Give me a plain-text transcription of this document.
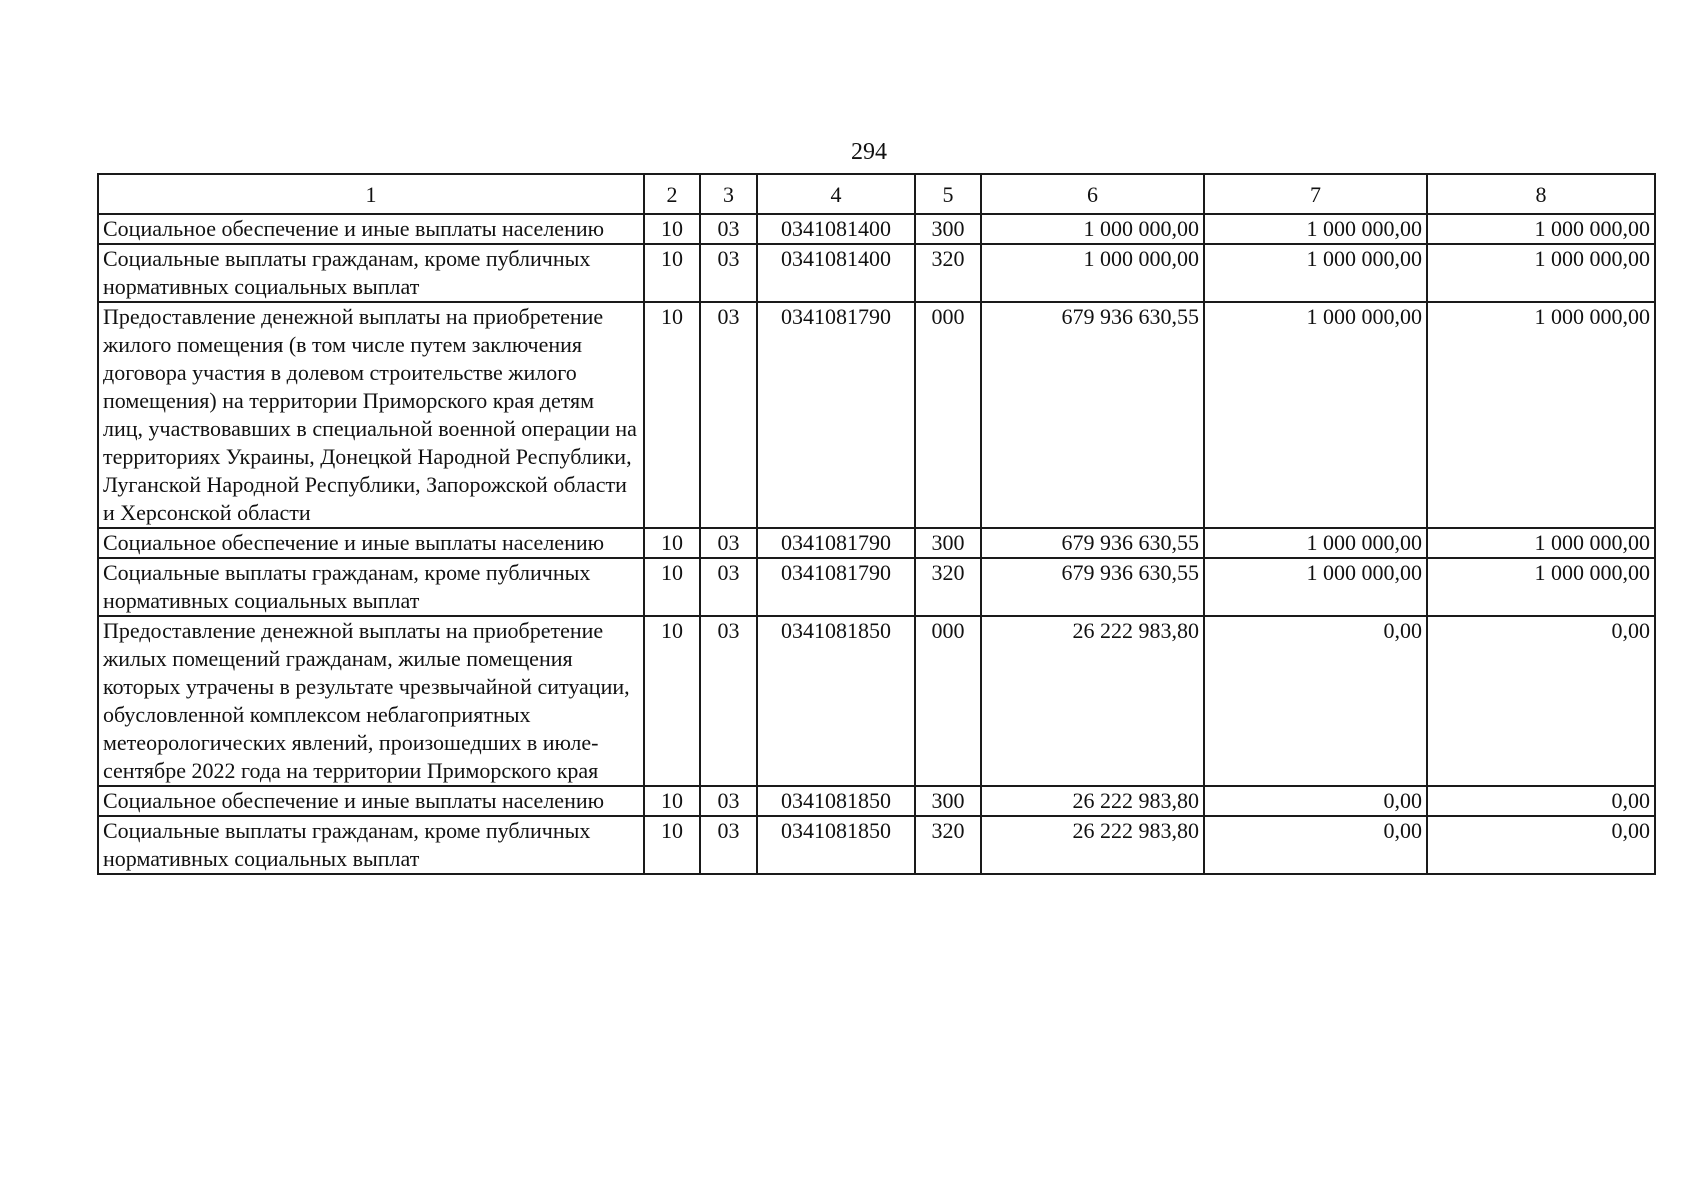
294
1	2	3	4	5	6	7	8
Социальное обеспечение и иные выплаты населению	10	03	0341081400	300	1 000 000,00	1 000 000,00	1 000 000,00
Социальные выплаты гражданам, кроме публичных нормативных социальных выплат	10	03	0341081400	320	1 000 000,00	1 000 000,00	1 000 000,00
Предоставление денежной выплаты на приобретение жилого помещения (в том числе путем заключения договора участия в долевом строительстве жилого помещения) на территории Приморского края детям лиц, участвовавших в специальной военной операции на территориях Украины, Донецкой Народной Республики, Луганской Народной Республики, Запорожской области и Херсонской области	10	03	0341081790	000	679 936 630,55	1 000 000,00	1 000 000,00
Социальное обеспечение и иные выплаты населению	10	03	0341081790	300	679 936 630,55	1 000 000,00	1 000 000,00
Социальные выплаты гражданам, кроме публичных нормативных социальных выплат	10	03	0341081790	320	679 936 630,55	1 000 000,00	1 000 000,00
Предоставление денежной выплаты на приобретение жилых помещений гражданам, жилые помещения которых утрачены в результате чрезвычайной ситуации, обусловленной комплексом неблагоприятных метеорологических явлений, произошедших в июле-сентябре 2022 года на территории Приморского края	10	03	0341081850	000	26 222 983,80	0,00	0,00
Социальное обеспечение и иные выплаты населению	10	03	0341081850	300	26 222 983,80	0,00	0,00
Социальные выплаты гражданам, кроме публичных нормативных социальных выплат	10	03	0341081850	320	26 222 983,80	0,00	0,00
